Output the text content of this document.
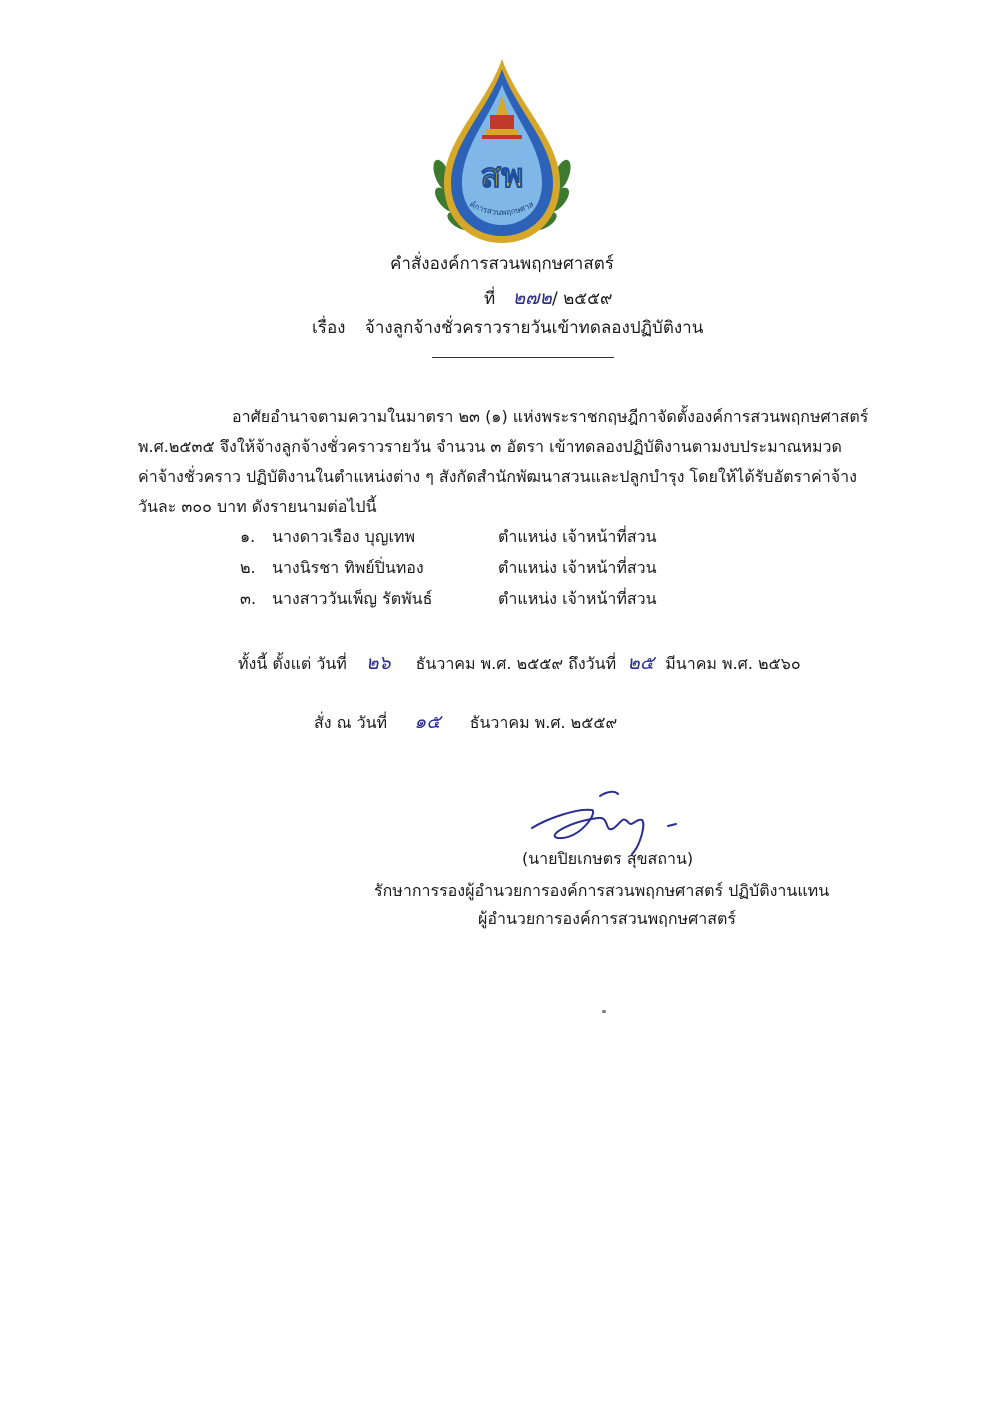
สพ
ค์การสวนพฤกษศาส
คำสั่งองค์การสวนพฤกษศาสตร์
ที่ ๒๗๒/ ๒๕๕๙
เรื่อง จ้างลูกจ้างชั่วคราวรายวันเข้าทดลองปฏิบัติงาน
อาศัยอำนาจตามความในมาตรา ๒๓ (๑) แห่งพระราชกฤษฎีกาจัดตั้งองค์การสวนพฤกษศาสตร์
พ.ศ.๒๕๓๕ จึงให้จ้างลูกจ้างชั่วคราวรายวัน จำนวน ๓ อัตรา เข้าทดลองปฏิบัติงานตามงบประมาณหมวด
ค่าจ้างชั่วคราว ปฏิบัติงานในตำแหน่งต่าง ๆ สังกัดสำนักพัฒนาสวนและปลูกบำรุง โดยให้ได้รับอัตราค่าจ้าง
วันละ ๓๐๐ บาท ดังรายนามต่อไปนี้
๑. นางดาวเรือง บุญเทพ	ตำแหน่ง เจ้าหน้าที่สวน
๒. นางนิรชา ทิพย์ปิ่นทอง	ตำแหน่ง เจ้าหน้าที่สวน
๓. นางสาววันเพ็ญ รัตพันธ์	ตำแหน่ง เจ้าหน้าที่สวน
ทั้งนี้ ตั้งแต่ วันที่ ๒๖ ธันวาคม พ.ศ. ๒๕๕๙ ถึงวันที่ ๒๕ มีนาคม พ.ศ. ๒๕๖๐
สั่ง ณ วันที่ ๑๕ ธันวาคม พ.ศ. ๒๕๕๙
(นายปิยเกษตร สุขสถาน)
รักษาการรองผู้อำนวยการองค์การสวนพฤกษศาสตร์ ปฏิบัติงานแทน
ผู้อำนวยการองค์การสวนพฤกษศาสตร์
